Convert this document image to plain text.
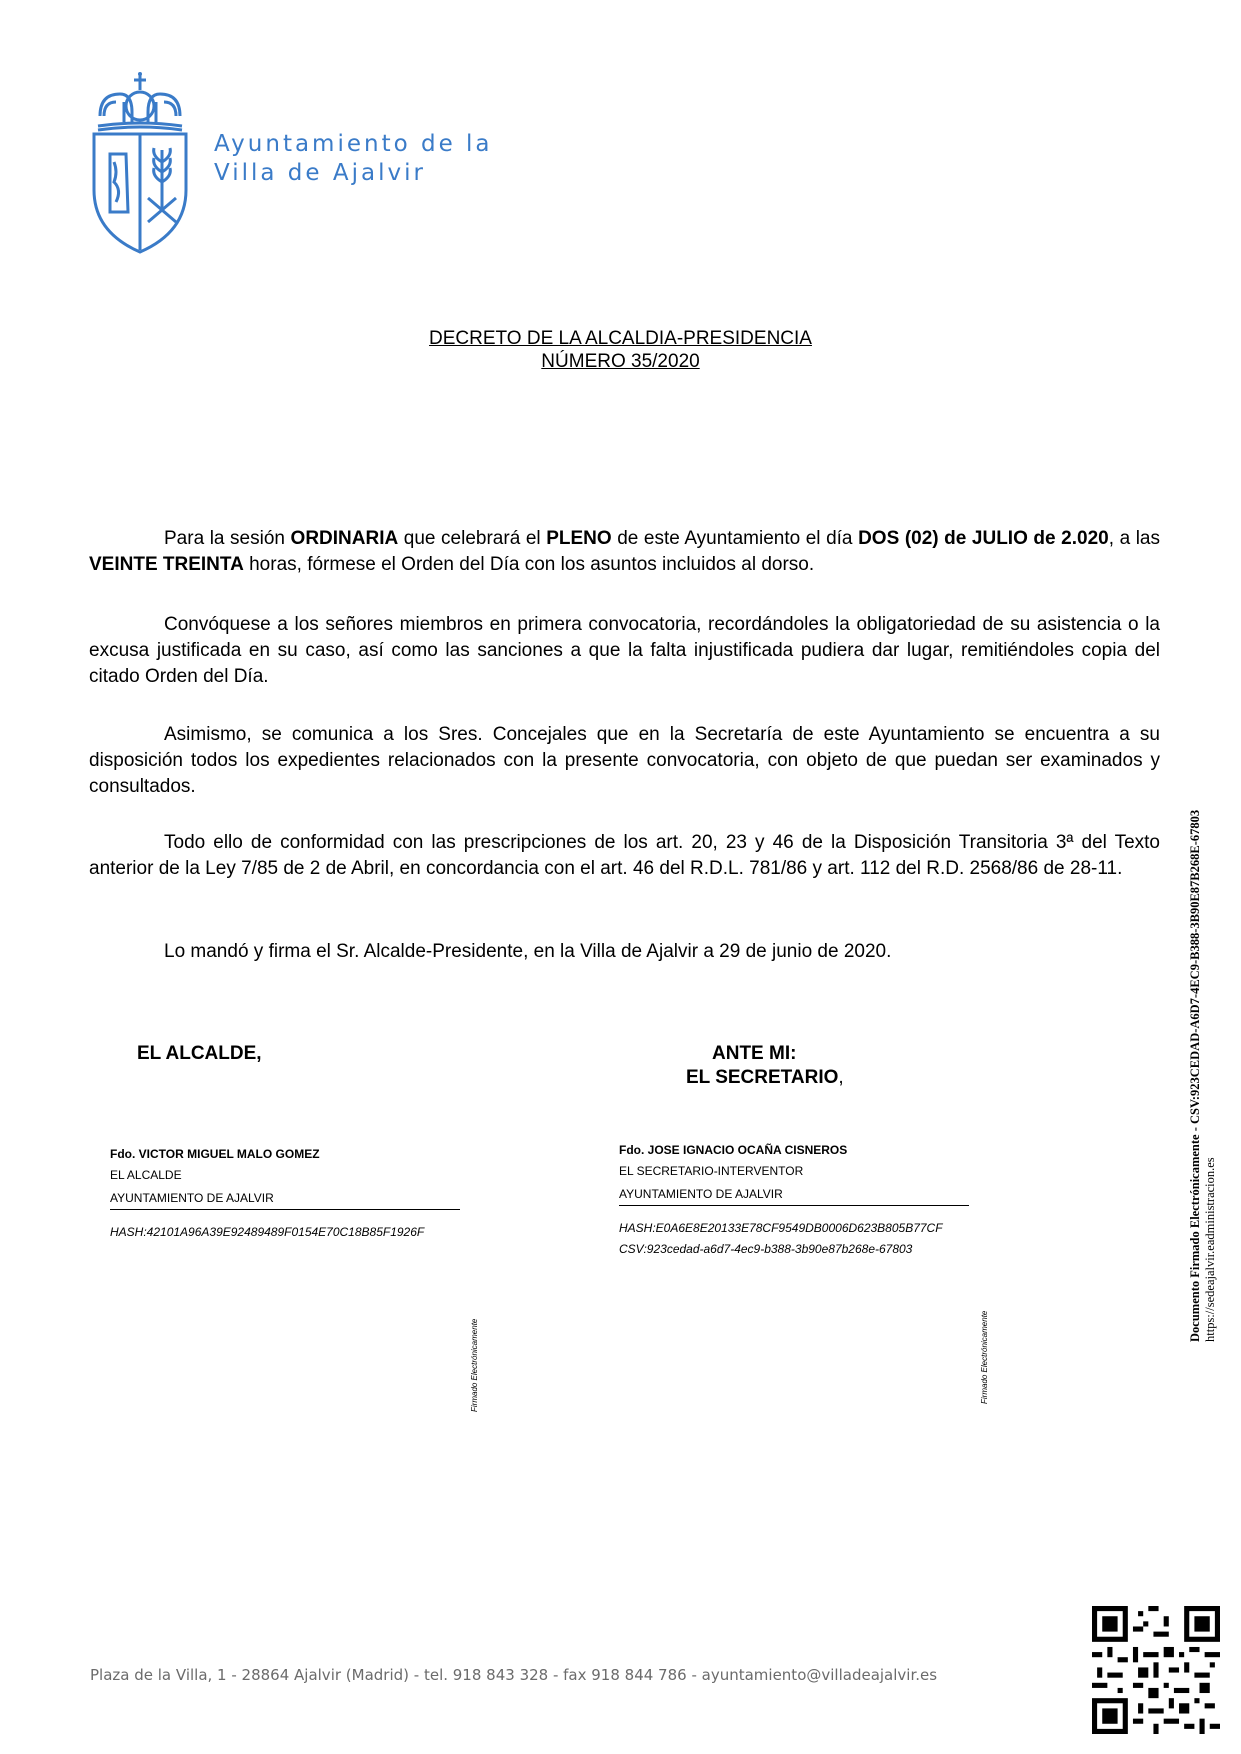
Ayuntamiento de la
Villa de Ajalvir
DECRETO DE LA ALCALDIA-PRESIDENCIA
NÚMERO 35/2020
Para la sesión ORDINARIA que celebrará el PLENO de este Ayuntamiento el día DOS (02) de JULIO de 2.020, a las VEINTE TREINTA horas, fórmese el Orden del Día con los asuntos incluidos al dorso.
Convóquese a los señores miembros en primera convocatoria, recordándoles la obligatoriedad de su asistencia o la excusa justificada en su caso, así como las sanciones a que la falta injustificada pudiera dar lugar, remitiéndoles copia del citado Orden del Día.
Asimismo, se comunica a los Sres. Concejales que en la Secretaría de este Ayuntamiento se encuentra a su disposición todos los expedientes relacionados con la presente convocatoria, con objeto de que puedan ser examinados y consultados.
Todo ello de conformidad con las prescripciones de los art. 20, 23 y 46 de la Disposición Transitoria 3ª del Texto anterior de la Ley 7/85 de 2 de Abril, en concordancia con el art. 46 del R.D.L. 781/86 y art. 112 del R.D. 2568/86 de 28-11.
Lo mandó y firma el Sr. Alcalde-Presidente, en la Villa de Ajalvir a 29 de junio de 2020.
EL ALCALDE,	ANTE MI:
EL SECRETARIO,
Fdo. VICTOR MIGUEL MALO GOMEZ
EL ALCALDE
AYUNTAMIENTO DE AJALVIR
HASH:42101A96A39E92489489F0154E70C18B85F1926F
Firmado Electrónicamente
Fdo. JOSE IGNACIO OCAÑA CISNEROS
EL SECRETARIO-INTERVENTOR
AYUNTAMIENTO DE AJALVIR
HASH:E0A6E8E20133E78CF9549DB0006D623B805B77CF
CSV:923cedad-a6d7-4ec9-b388-3b90e87b268e-67803
Firmado Electrónicamente
Documento Firmado Electrónicamente - CSV:923CEDAD-A6D7-4EC9-B388-3B90E87B268E-67803 https://sedeajalvir.eadministracion.es
Plaza de la Villa, 1 - 28864 Ajalvir (Madrid) - tel. 918 843 328 - fax 918 844 786 - ayuntamiento@villadeajalvir.es
